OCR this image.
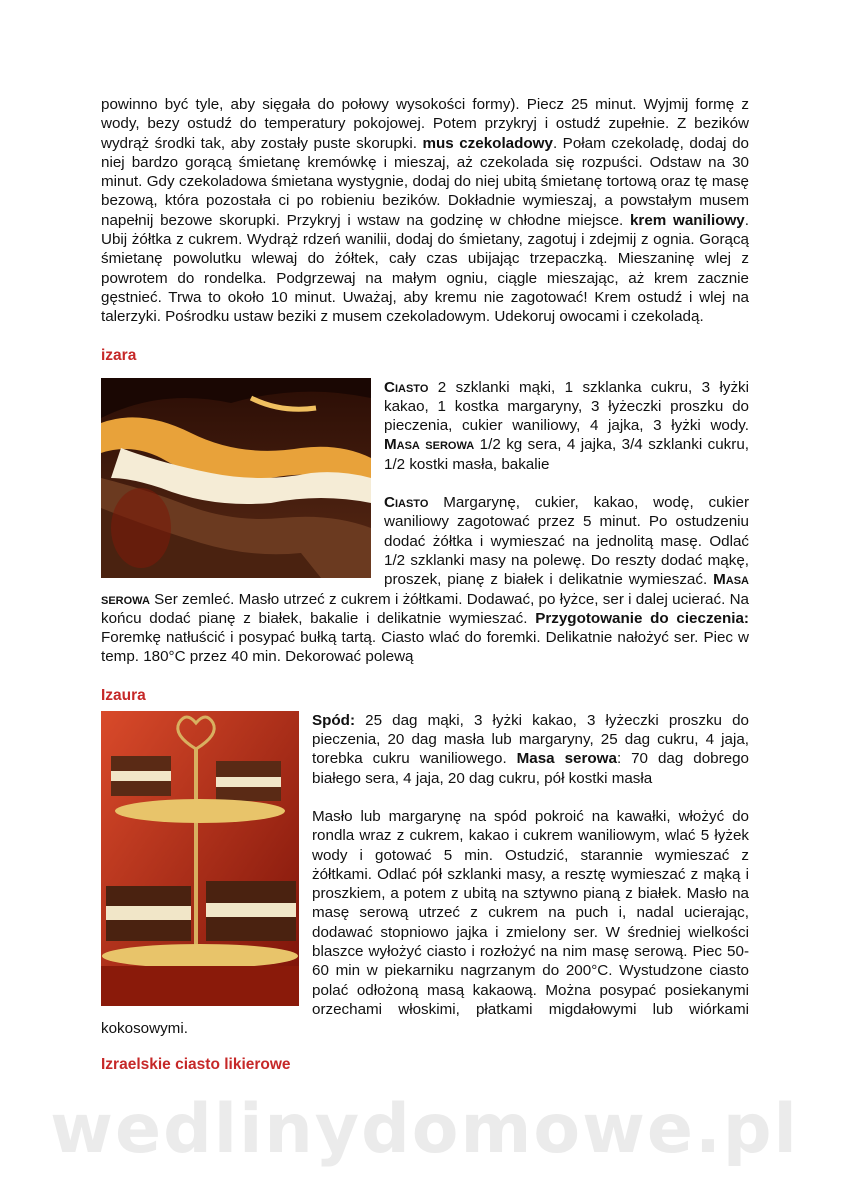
powinno być tyle, aby sięgała do połowy wysokości formy). Piecz 25 minut. Wyjmij formę z wody, bezy ostudź do temperatury pokojowej. Potem przykryj i ostudź zupełnie. Z bezików wydrąż środki tak, aby zostały puste skorupki. mus czekoladowy. Połam czekoladę, dodaj do niej bardzo gorącą śmietanę kremówkę i mieszaj, aż czekolada się rozpuści. Odstaw na 30 minut. Gdy czekoladowa śmietana wystygnie, dodaj do niej ubitą śmietanę tortową oraz tę masę bezową, która pozostała ci po robieniu bezików. Dokładnie wymieszaj, a powstałym musem napełnij bezowe skorupki. Przykryj i wstaw na godzinę w chłodne miejsce. krem waniliowy. Ubij żółtka z cukrem. Wydrąż rdzeń wanilii, dodaj do śmietany, zagotuj i zdejmij z ognia. Gorącą śmietanę powolutku wlewaj do żółtek, cały czas ubijając trzepaczką. Mieszaninę wlej z powrotem do rondelka. Podgrzewaj na małym ogniu, ciągle mieszając, aż krem zacznie gęstnieć. Trwa to około 10 minut. Uważaj, aby kremu nie zagotować! Krem ostudź i wlej na talerzyki. Pośrodku ustaw beziki z musem czekoladowym. Udekoruj owocami i czekoladą.

izara

Ciasto 2 szklanki mąki, 1 szklanka cukru, 3 łyżki kakao, 1 kostka margaryny, 3 łyżeczki proszku do pieczenia, cukier waniliowy, 4 jajka, 3 łyżki wody. Masa serowa 1/2 kg sera, 4 jajka, 3/4 szklanki cukru, 1/2 kostki masła, bakalie

Ciasto Margarynę, cukier, kakao, wodę, cukier waniliowy zagotować przez 5 minut. Po ostudzeniu dodać żółtka i wymieszać na jednolitą masę. Odlać 1/2 szklanki masy na polewę. Do reszty dodać mąkę, proszek, pianę z białek i delikatnie wymieszać. Masa serowa Ser zemleć. Masło utrzeć z cukrem i żółtkami. Dodawać, po łyżce, ser i dalej ucierać. Na końcu dodać pianę z białek, bakalie i delikatnie wymieszać. Przygotowanie do cieczenia: Foremkę natłuścić i posypać bułką tartą. Ciasto wlać do foremki. Delikatnie nałożyć ser. Piec w temp. 180°C przez 40 min. Dekorować polewą

Izaura

Spód: 25 dag mąki, 3 łyżki kakao, 3 łyżeczki proszku do pieczenia, 20 dag masła lub margaryny, 25 dag cukru, 4 jaja, torebka cukru waniliowego. Masa serowa: 70 dag dobrego białego sera, 4 jaja, 20 dag cukru, pół kostki masła

Masło lub margarynę na spód pokroić na kawałki, włożyć do rondla wraz z cukrem, kakao i cukrem waniliowym, wlać 5 łyżek wody i gotować 5 min. Ostudzić, starannie wymieszać z żółtkami. Odlać pół szklanki masy, a resztę wymieszać z mąką i proszkiem, a potem z ubitą na sztywno pianą z białek. Masło na masę serową utrzeć z cukrem na puch i, nadal ucierając, dodawać stopniowo jajka i zmielony ser. W średniej wielkości blaszce wyłożyć ciasto i rozłożyć na nim masę serową. Piec 50-60 min w piekarniku nagrzanym do 200°C. Wystudzone ciasto polać odłożoną masą kakaową. Można posypać posiekanymi orzechami włoskimi, płatkami migdałowymi lub wiórkami kokosowymi.

Izraelskie ciasto likierowe
wedlinydomowe.pl
